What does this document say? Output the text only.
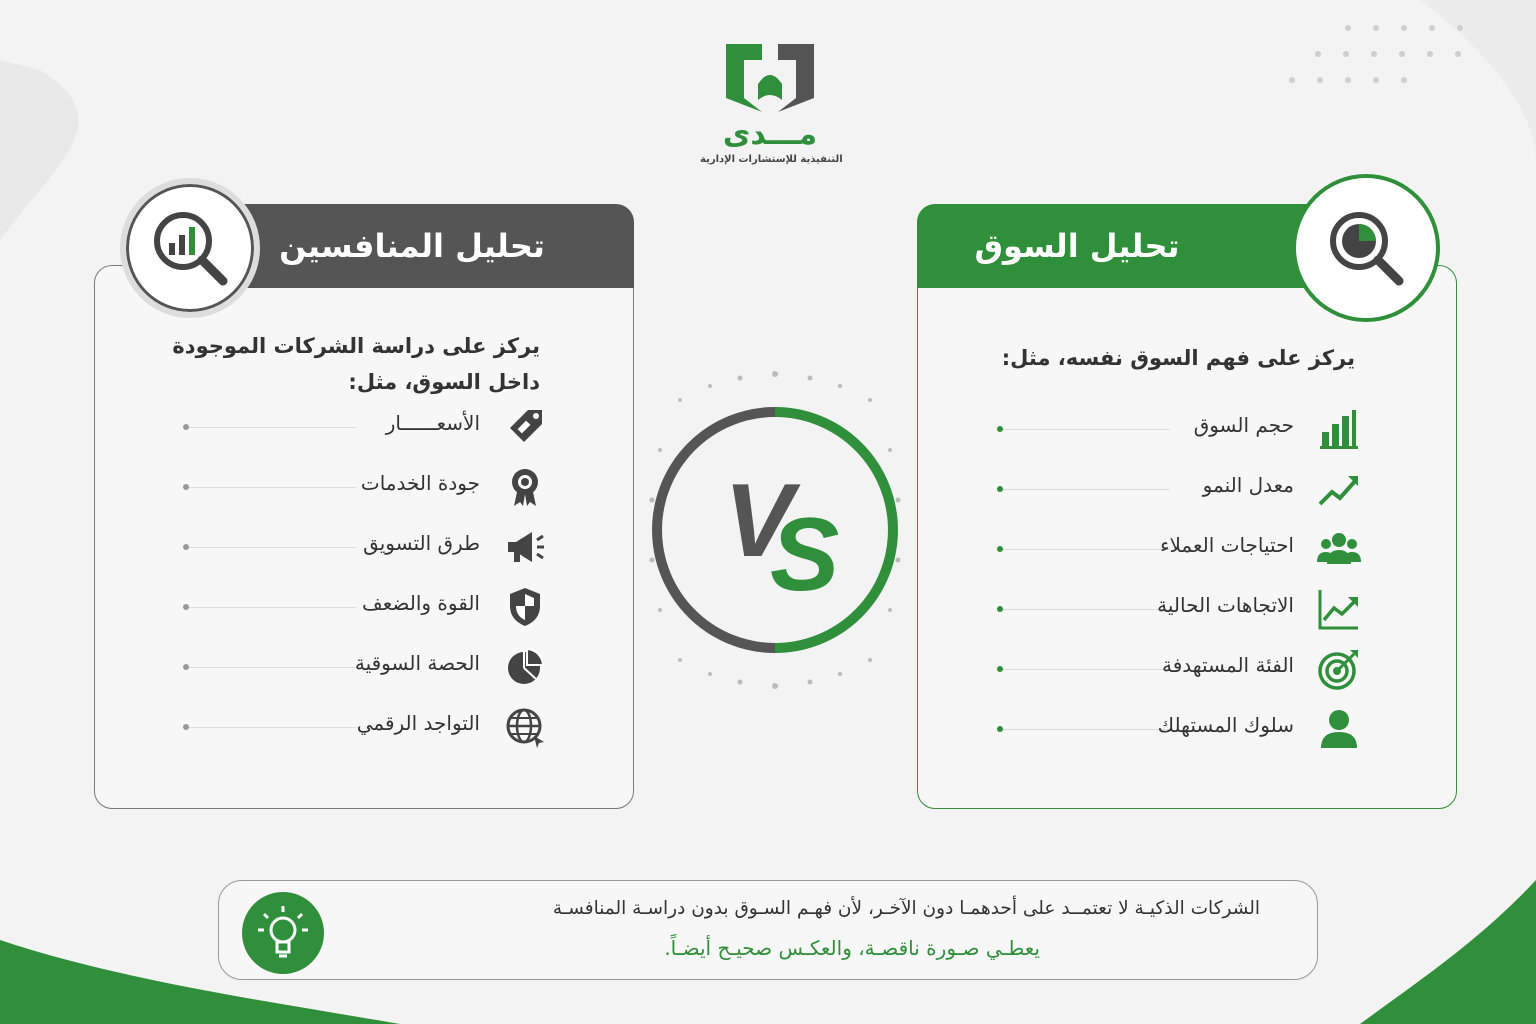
مـــدى
التنفيذية للإستشارات الإدارية
تحليل المنافسين
يركز على دراسة الشركات الموجودة داخل السوق، مثل:
الأسعــــــار
جودة الخدمات
طرق التسويق
القوة والضعف
الحصة السوقية
التواجد الرقمي
تحليل السوق
يركز على فهم السوق نفسه، مثل:
حجم السوق
معدل النمو
احتياجات العملاء
الاتجاهات الحالية
الفئة المستهدفة
سلوك المستهلك
V
S
الشركات الذكيـة لا تعتمــد على أحدهمـا دون الآخـر، لأن فهـم السـوق بدون دراسـة المنافسـة
يعطـي صـورة ناقصـة، والعكـس صحيـح أيضـاً.
